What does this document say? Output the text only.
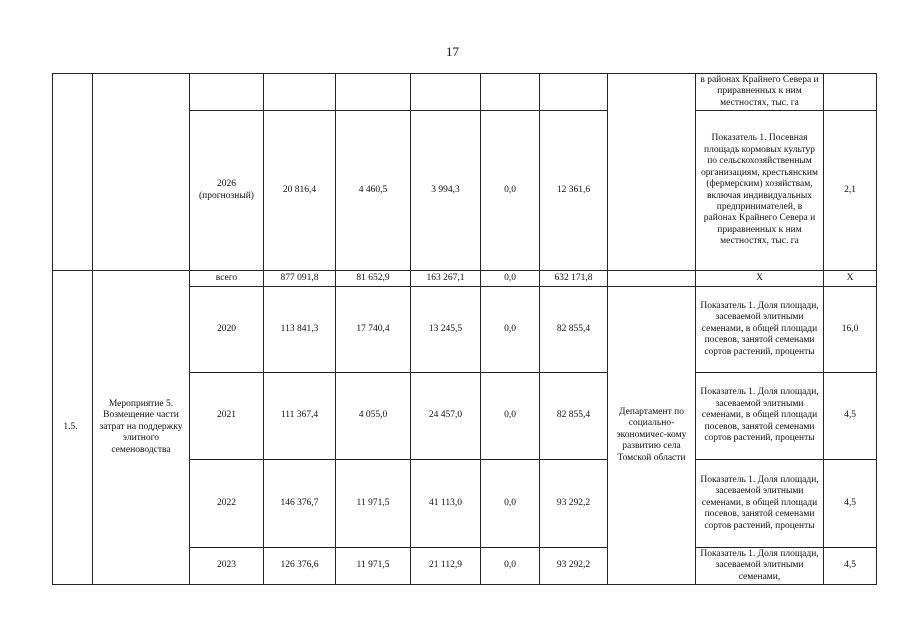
17
									в районах Крайнего Севера и приравненных к ним местностях, тыс. га	
		2026 (прогнозный)	20 816,4	4 460,5	3 994,3	0,0	12 361,6		Показатель 1. Посевная площадь кормовых культур по сельскохозяйственным организациям, крестьянским (фермерским) хозяйствам, включая индивидуальных предпринимателей, в районах Крайнего Севера и приравненных к ним местностях, тыс. га	2,1
1.5.	Мероприятие 5. Возмещение части затрат на поддержку элитного семеноводства	всего	877 091,8	81 652,9	163 267,1	0,0	632 171,8		X	X
		2020	113 841,3	17 740,4	13 245,5	0,0	82 855,4	Департамент по социально-экономичес-кому развитию села Томской области	Показатель 1. Доля площади, засеваемой элитными семенами, в общей площади посевов, занятой семенами сортов растений, проценты	16,0
		2021	111 367,4	4 055,0	24 457,0	0,0	82 855,4		Показатель 1. Доля площади, засеваемой элитными семенами, в общей площади посевов, занятой семенами сортов растений, проценты	4,5
		2022	146 376,7	11 971,5	41 113,0	0,0	93 292,2		Показатель 1. Доля площади, засеваемой элитными семенами, в общей площади посевов, занятой семенами сортов растений, проценты	4,5
		2023	126 376,6	11 971,5	21 112,9	0,0	93 292,2		Показатель 1. Доля площади, засеваемой элитными семенами,	4,5
